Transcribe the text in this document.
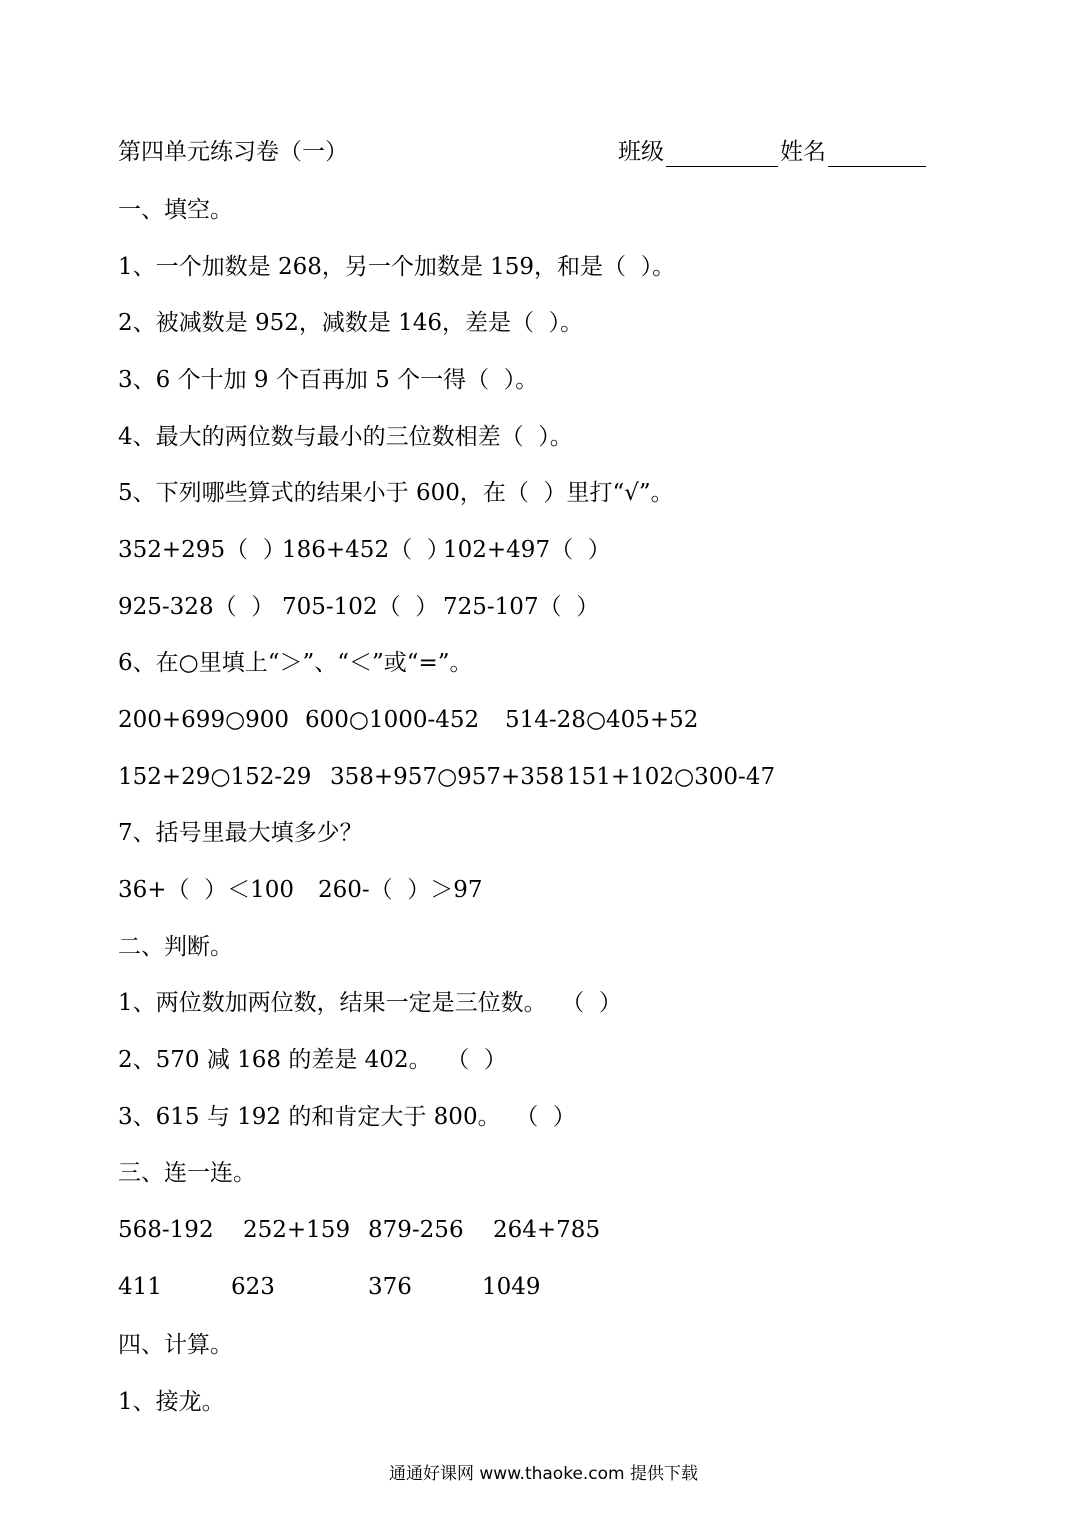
第四单元练习卷（一）	班级	姓名
一、填空。
1、一个加数是 268，另一个加数是 159，和是（  ）。
2、被减数是 952，减数是 146，差是（  ）。
3、6 个十加 9 个百再加 5 个一得（  ）。
4、最大的两位数与最小的三位数相差（  ）。
5、下列哪些算式的结果小于 600，在（  ）里打“√”。
352+295（  ）
186+452（  ）
102+497（  ）
925-328（  ） 705-102（  ） 725-107（  ）
6、在○里填上“＞”、“＜”或“=”。
200+699○900 600○1000-452 514-28○405+52
152+29○152-29 358+957○957+358 151+102○300-47
7、括号里最大填多少？
36+（  ）＜100 260-（  ）＞97
二、判断。
1、两位数加两位数，结果一定是三位数。  （  ）
2、570 减 168 的差是 402。  （  ）
3、615 与 192 的和肯定大于 800。  （  ）
三、连一连。
568-192 252+159 879-256 264+785
411	623	376	1049
四、计算。
1、接龙。
通通好课网 www.thaoke.com 提供下载
